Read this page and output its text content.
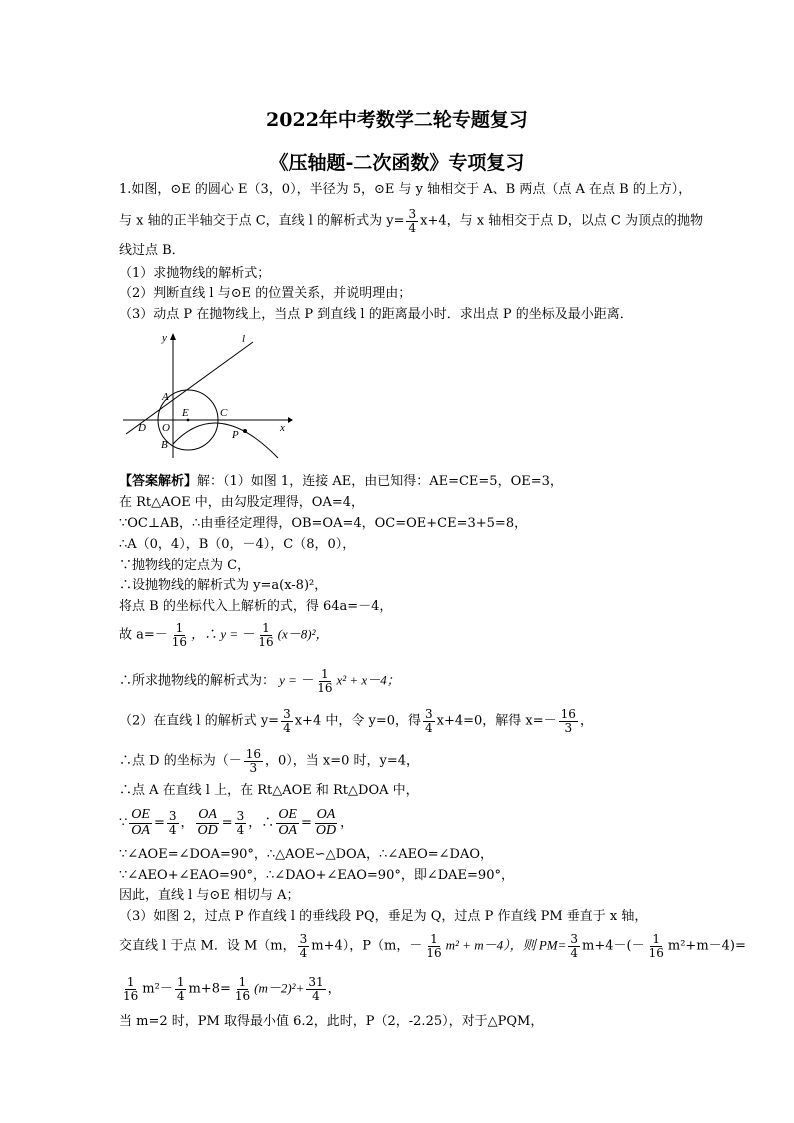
2022年中考数学二轮专题复习
《压轴题-二次函数》专项复习
1.如图，⊙E 的圆心 E（3，0），半径为 5，⊙E 与 y 轴相交于 A、B 两点（点 A 在点 B 的上方），
与 x 轴的正半轴交于点 C，直线 l 的解析式为 $y= \frac{3}{4} x+4$，与 x 轴相交于点 D，以点 C 为顶点的抛物
线过点 B．
（1）求抛物线的解析式；
（2）判断直线 l 与⊙E 的位置关系，并说明理由；
（3）动点 P 在抛物线上，当点 P 到直线 l 的距离最小时．求出点 P 的坐标及最小距离．
y	l
A
E	C
D O	x
P
B
【答案解析】解：（1）如图 1，连接 AE，由已知得：AE=CE=5，OE=3，
在 Rt△AOE 中，由勾股定理得，OA=4，
∵OC⊥AB，∴由垂径定理得，OB=OA=4，OC=OE+CE=3+5=8，
∴A（0，4），B（0，－4），C（8，0），
∵抛物线的定点为 C，
∴设抛物线的解析式为 y=a(x-8)²，
将点 B 的坐标代入上解析的式，得 64a=－4，
故 $a=- \frac{1}{16}$ ，∴ y = － $\frac{1}{16} (x-8)^2$，
∴所求抛物线的解析式为： y = － $\frac{1}{16} x^2 + x-4$；
（2）在直线 l 的解析式 $y= \frac{3}{4} x+4$ 中，令 y=0，得 $\frac{3}{4} x+4=0$，解得 $x=- \frac{16}{3}$ ，
∴点 D 的坐标为（－ $\frac{16}{3}$ ，0），当 x=0 时，y=4，
∴点 A 在直线 l 上，在 Rt△AOE 和 Rt△DOA 中，
∵ $\frac{OE}{OA} = \frac{3}{4}$ ， $\frac{OA}{OD} = \frac{3}{4}$ ，∴ $\frac{OE}{OA} = \frac{OA}{OD}$ ，
∵∠AOE=∠DOA=90°，∴△AOE∽△DOA，∴∠AEO=∠DAO，
∵∠AEO+∠EAO=90°，∴∠DAO+∠EAO=90°，即∠DAE=90°，
因此，直线 l 与⊙E 相切与 A；
（3）如图 2，过点 P 作直线 l 的垂线段 PQ，垂足为 Q，过点 P 作直线 PM 垂直于 x 轴，
交直线 l 于点 M．设 M（m， $\frac{3}{4} m+4$），P（m，－ $\frac{1}{16} m^2 + m-4$），则 $PM= \frac{3}{4} m+4-(- \frac{1}{16} m^2+m-4)=$
$\frac{1}{16} m^2- \frac{1}{4} m+8= \frac{1}{16} (m-2)^2+ \frac{31}{4}$ ，
当 m=2 时，PM 取得最小值 6.2，此时，P（2，-2.25），对于△PQM，
